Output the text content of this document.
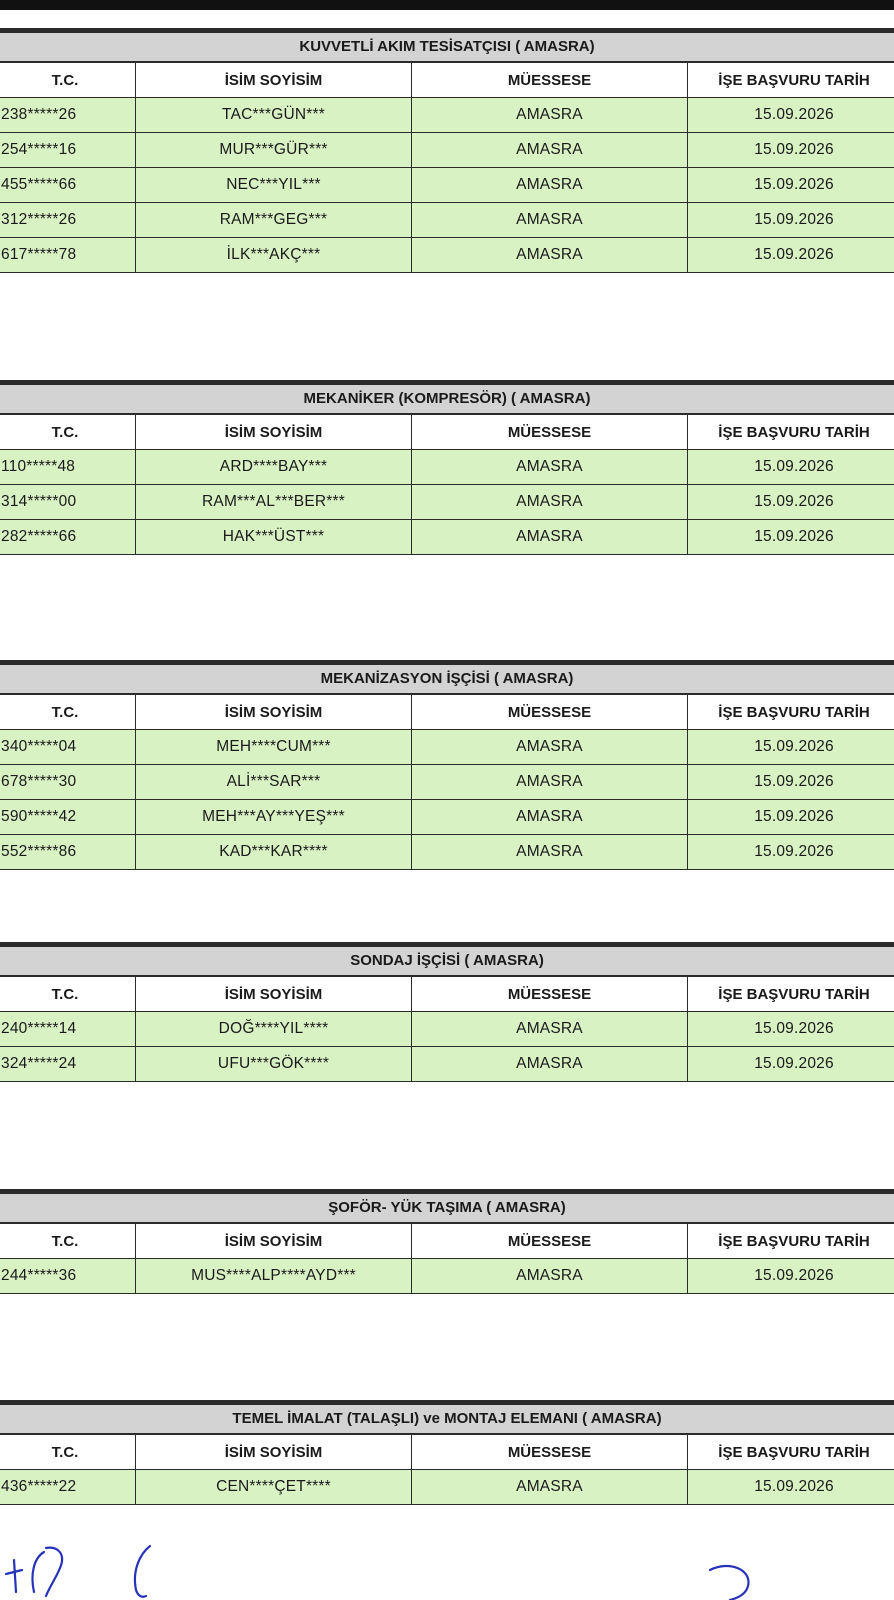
KUVVETLİ AKIM TESİSATÇISI ( AMASRA)
T.C.	İSİM SOYİSİM	MÜESSESE	İŞE BAŞVURU TARİH
238*****26	TAC***GÜN***	AMASRA	15.09.2026
254*****16	MUR***GÜR***	AMASRA	15.09.2026
455*****66	NEC***YIL***	AMASRA	15.09.2026
312*****26	RAM***GEG***	AMASRA	15.09.2026
617*****78	İLK***AKÇ***	AMASRA	15.09.2026
MEKANİKER (KOMPRESÖR) ( AMASRA)
T.C.	İSİM SOYİSİM	MÜESSESE	İŞE BAŞVURU TARİH
110*****48	ARD****BAY***	AMASRA	15.09.2026
314*****00	RAM***AL***BER***	AMASRA	15.09.2026
282*****66	HAK***ÜST***	AMASRA	15.09.2026
MEKANİZASYON İŞÇİSİ ( AMASRA)
T.C.	İSİM SOYİSİM	MÜESSESE	İŞE BAŞVURU TARİH
340*****04	MEH****CUM***	AMASRA	15.09.2026
678*****30	ALİ***SAR***	AMASRA	15.09.2026
590*****42	MEH***AY***YEŞ***	AMASRA	15.09.2026
552*****86	KAD***KAR****	AMASRA	15.09.2026
SONDAJ İŞÇİSİ ( AMASRA)
T.C.	İSİM SOYİSİM	MÜESSESE	İŞE BAŞVURU TARİH
240*****14	DOĞ****YIL****	AMASRA	15.09.2026
324*****24	UFU***GÖK****	AMASRA	15.09.2026
ŞOFÖR- YÜK TAŞIMA ( AMASRA)
T.C.	İSİM SOYİSİM	MÜESSESE	İŞE BAŞVURU TARİH
244*****36	MUS****ALP****AYD***	AMASRA	15.09.2026
TEMEL İMALAT (TALAŞLI) ve MONTAJ ELEMANI ( AMASRA)
T.C.	İSİM SOYİSİM	MÜESSESE	İŞE BAŞVURU TARİH
436*****22	CEN****ÇET****	AMASRA	15.09.2026
